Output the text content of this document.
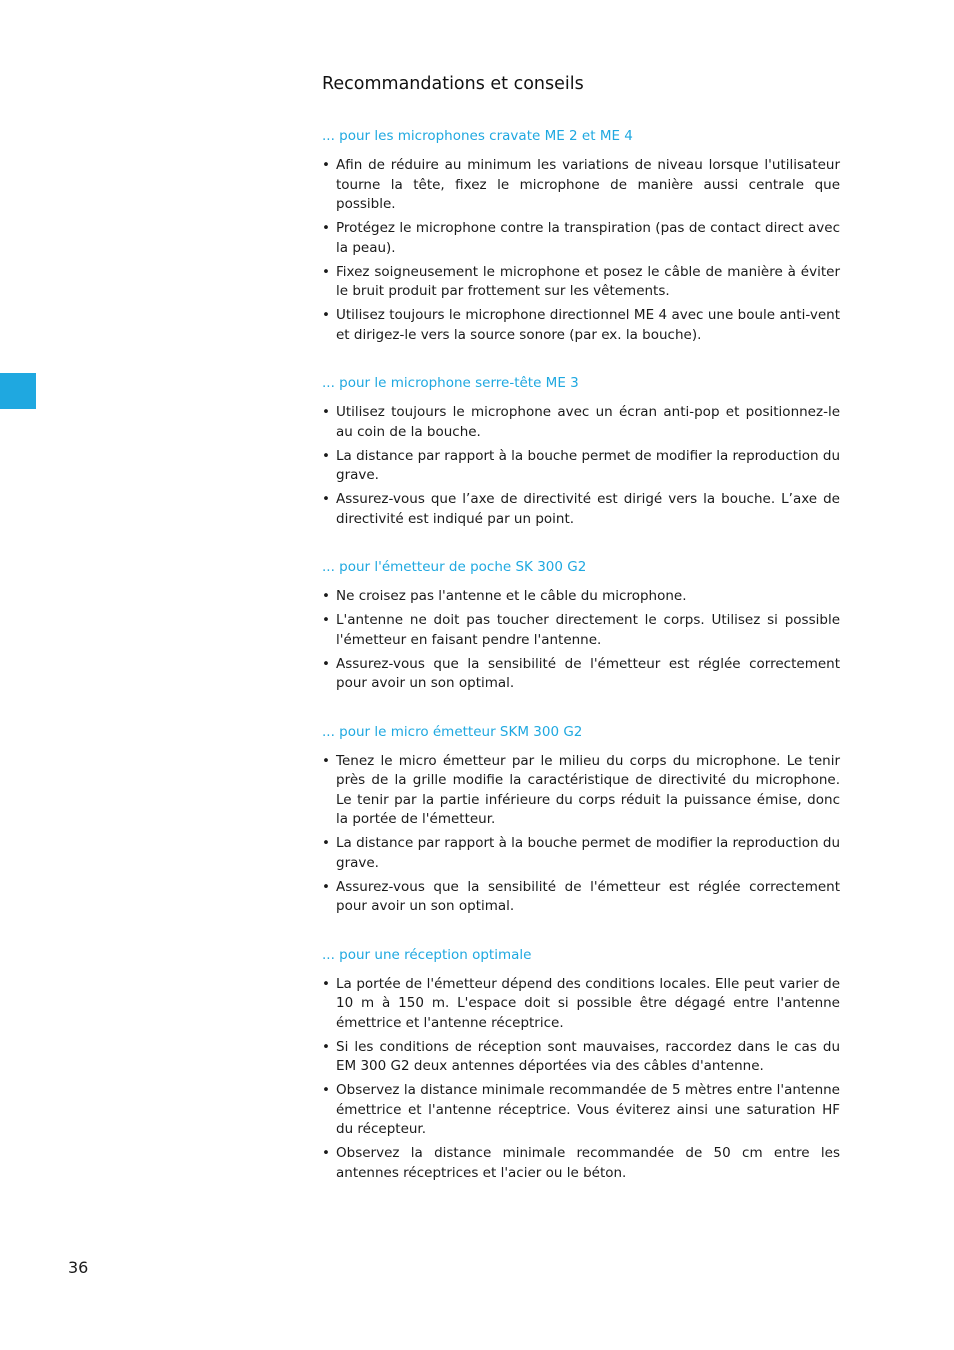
Recommandations et conseils
... pour les microphones cravate ME 2 et ME 4
• Afin de réduire au minimum les variations de niveau lorsque l'utilisateur tourne la tête, fixez le microphone de manière aussi centrale que possible.
• Protégez le microphone contre la transpiration (pas de contact direct avec la peau).
• Fixez soigneusement le microphone et posez le câble de manière à éviter le bruit produit par frottement sur les vêtements.
• Utilisez toujours le microphone directionnel ME 4 avec une boule anti-vent et dirigez-le vers la source sonore (par ex. la bouche).
... pour le microphone serre-tête ME 3
• Utilisez toujours le microphone avec un écran anti-pop et positionnez-le au coin de la bouche.
• La distance par rapport à la bouche permet de modifier la reproduction du grave.
• Assurez-vous que l’axe de directivité est dirigé vers la bouche. L’axe de directivité est indiqué par un point.
... pour l'émetteur de poche SK 300 G2
• Ne croisez pas l'antenne et le câble du microphone.
• L'antenne ne doit pas toucher directement le corps. Utilisez si possible l'émetteur en faisant pendre l'antenne.
• Assurez-vous que la sensibilité de l'émetteur est réglée correctement pour avoir un son optimal.
... pour le micro émetteur SKM 300 G2
• Tenez le micro émetteur par le milieu du corps du microphone. Le tenir près de la grille modifie la caractéristique de directivité du microphone. Le tenir par la partie inférieure du corps réduit la puissance émise, donc la portée de l'émetteur.
• La distance par rapport à la bouche permet de modifier la reproduction du grave.
• Assurez-vous que la sensibilité de l'émetteur est réglée correctement pour avoir un son optimal.
... pour une réception optimale
• La portée de l'émetteur dépend des conditions locales. Elle peut varier de 10 m à 150 m. L'espace doit si possible être dégagé entre l'antenne émettrice et l'antenne réceptrice.
• Si les conditions de réception sont mauvaises, raccordez dans le cas du EM 300 G2 deux antennes déportées via des câbles d'antenne.
• Observez la distance minimale recommandée de 5 mètres entre l'antenne émettrice et l'antenne réceptrice. Vous éviterez ainsi une saturation HF du récepteur.
• Observez la distance minimale recommandée de 50 cm entre les antennes réceptrices et l'acier ou le béton.
36
